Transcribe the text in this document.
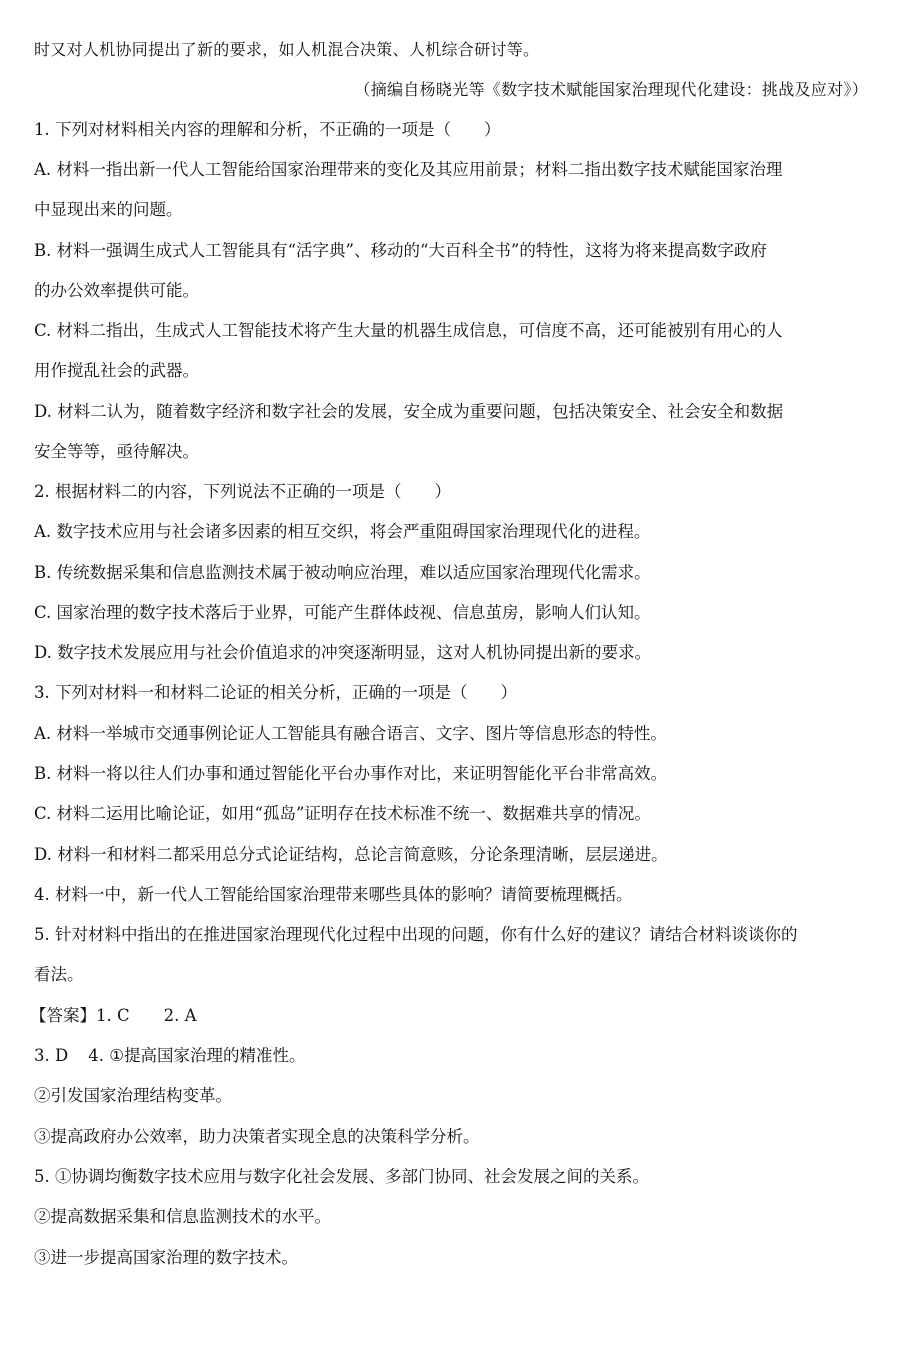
时又对人机协同提出了新的要求，如人机混合决策、人机综合研讨等。
（摘编自杨晓光等《数字技术赋能国家治理现代化建设：挑战及应对》）
1. 下列对材料相关内容的理解和分析，不正确的一项是（　　）
A. 材料一指出新一代人工智能给国家治理带来的变化及其应用前景；材料二指出数字技术赋能国家治理
中显现出来的问题。
B. 材料一强调生成式人工智能具有“活字典”、移动的“大百科全书”的特性，这将为将来提高数字政府
的办公效率提供可能。
C. 材料二指出，生成式人工智能技术将产生大量的机器生成信息，可信度不高，还可能被别有用心的人
用作搅乱社会的武器。
D. 材料二认为，随着数字经济和数字社会的发展，安全成为重要问题，包括决策安全、社会安全和数据
安全等等，亟待解决。
2. 根据材料二的内容，下列说法不正确的一项是（　　）
A. 数字技术应用与社会诸多因素的相互交织，将会严重阻碍国家治理现代化的进程。
B. 传统数据采集和信息监测技术属于被动响应治理，难以适应国家治理现代化需求。
C. 国家治理的数字技术落后于业界，可能产生群体歧视、信息茧房，影响人们认知。
D. 数字技术发展应用与社会价值追求的冲突逐渐明显，这对人机协同提出新的要求。
3. 下列对材料一和材料二论证的相关分析，正确的一项是（　　）
A. 材料一举城市交通事例论证人工智能具有融合语言、文字、图片等信息形态的特性。
B. 材料一将以往人们办事和通过智能化平台办事作对比，来证明智能化平台非常高效。
C. 材料二运用比喻论证，如用“孤岛”证明存在技术标准不统一、数据难共享的情况。
D. 材料一和材料二都采用总分式论证结构，总论言简意赅，分论条理清晰，层层递进。
4. 材料一中，新一代人工智能给国家治理带来哪些具体的影响？请简要梳理概括。
5. 针对材料中指出的在推进国家治理现代化过程中出现的问题，你有什么好的建议？请结合材料谈谈你的
看法。
【答案】1. C 2. A
3. D 4. ①提高国家治理的精准性。
②引发国家治理结构变革。
③提高政府办公效率，助力决策者实现全息的决策科学分析。
5. ①协调均衡数字技术应用与数字化社会发展、多部门协同、社会发展之间的关系。
②提高数据采集和信息监测技术的水平。
③进一步提高国家治理的数字技术。
